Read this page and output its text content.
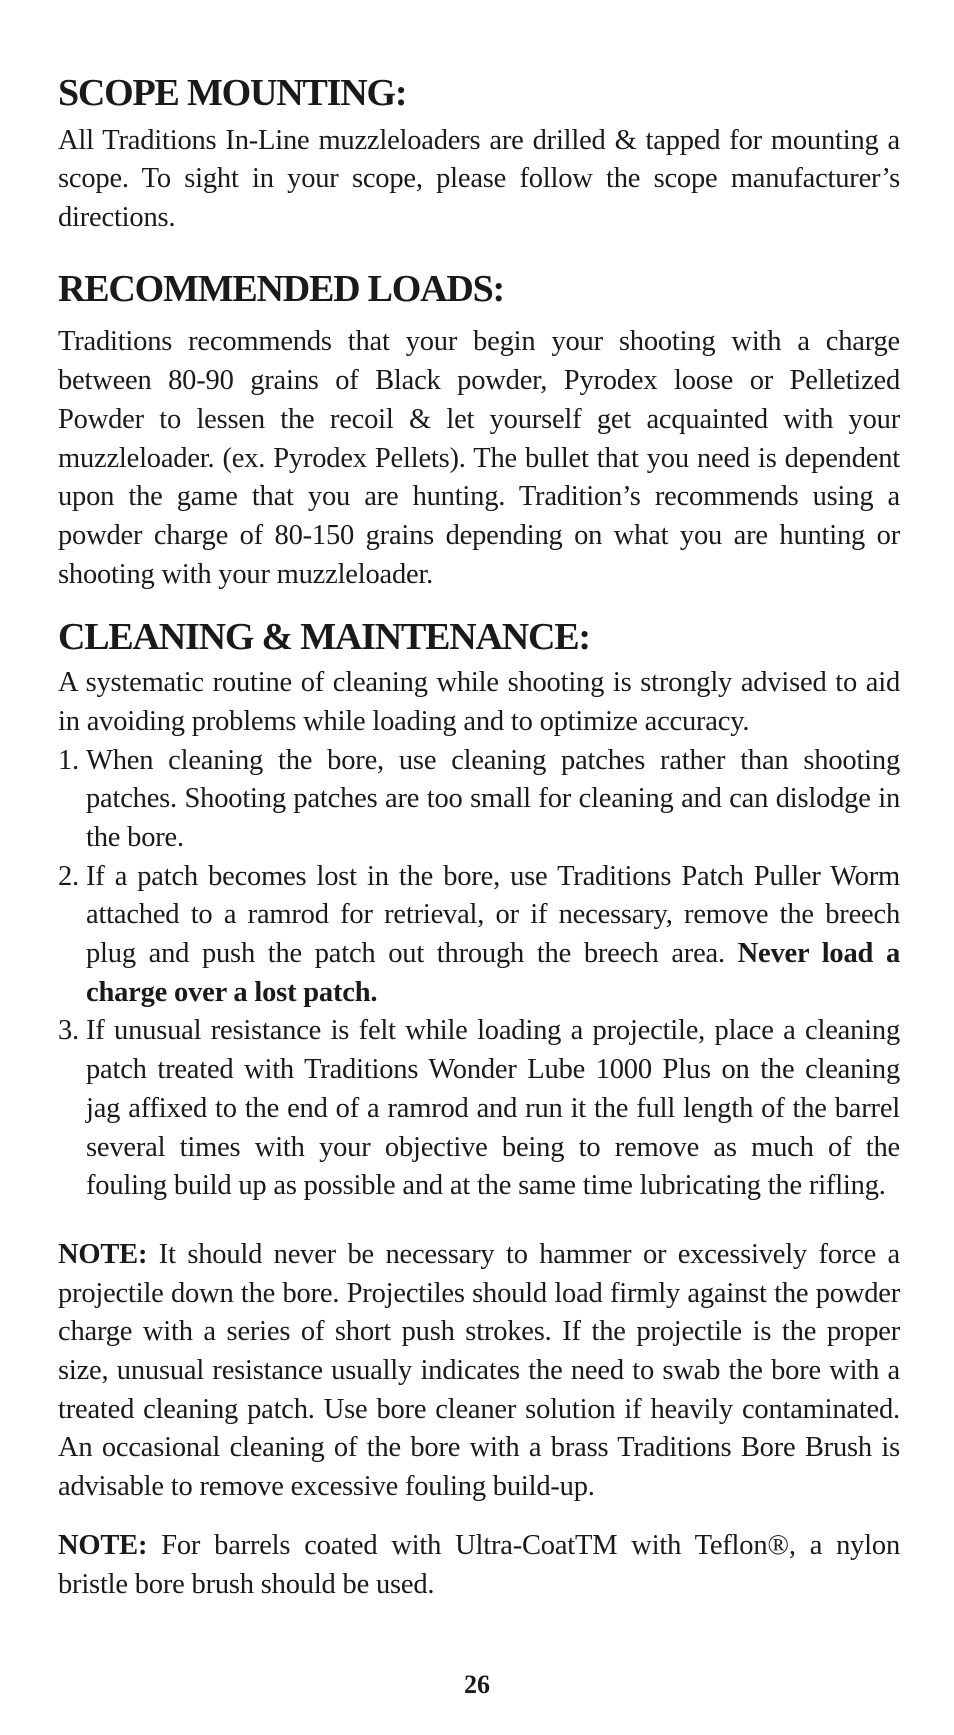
SCOPE MOUNTING:

All Traditions In-Line muzzleloaders are drilled & tapped for mounting a scope. To sight in your scope, please follow the scope manufacturer’s directions.

RECOMMENDED LOADS:

Traditions recommends that your begin your shooting with a charge between 80-90 grains of Black powder, Pyrodex loose or Pelletized Powder to lessen the recoil & let yourself get acquainted with your muzzleloader. (ex. Pyrodex Pellets). The bullet that you need is dependent upon the game that you are hunting. Tradition’s recommends using a powder charge of 80-150 grains depending on what you are hunting or shooting with your muzzleloader.

CLEANING & MAINTENANCE:

A systematic routine of cleaning while shooting is strongly advised to aid in avoiding problems while loading and to optimize accuracy.

1. When cleaning the bore, use cleaning patches rather than shooting patches. Shooting patches are too small for cleaning and can dislodge in the bore.
2. If a patch becomes lost in the bore, use Traditions Patch Puller Worm attached to a ramrod for retrieval, or if necessary, remove the breech plug and push the patch out through the breech area. Never load a charge over a lost patch.
3. If unusual resistance is felt while loading a projectile, place a cleaning patch treated with Traditions Wonder Lube 1000 Plus on the cleaning jag affixed to the end of a ramrod and run it the full length of the barrel several times with your objective being to remove as much of the fouling build up as possible and at the same time lubricating the rifling.

NOTE: It should never be necessary to hammer or excessively force a projectile down the bore. Projectiles should load firmly against the powder charge with a series of short push strokes. If the projectile is the proper size, unusual resistance usually indicates the need to swab the bore with a treated cleaning patch. Use bore cleaner solution if heavily contaminated. An occasional cleaning of the bore with a brass Traditions Bore Brush is advisable to remove excessive fouling build-up.

NOTE: For barrels coated with Ultra-CoatTM with Teflon®, a nylon bristle bore brush should be used.

26
